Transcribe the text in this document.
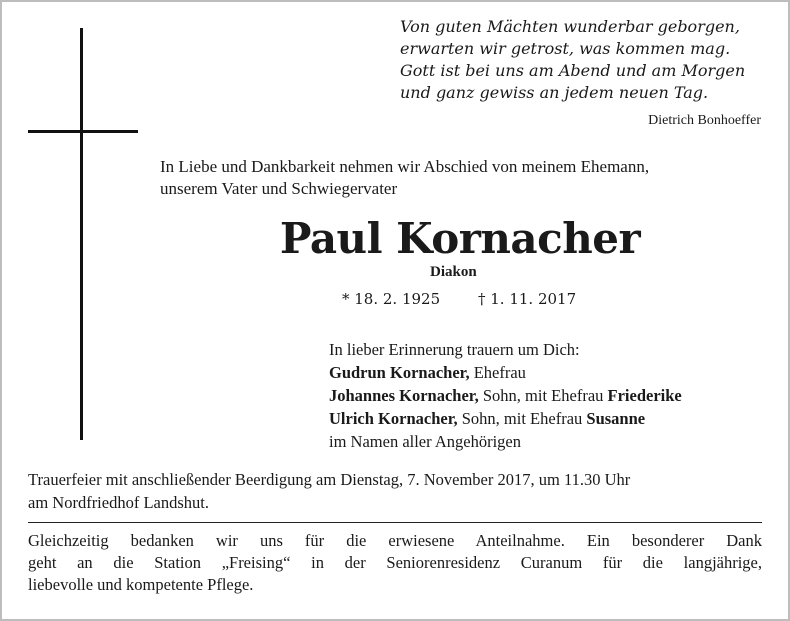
Von guten Mächten wunderbar geborgen,
erwarten wir getrost, was kommen mag.
Gott ist bei uns am Abend und am Morgen
und ganz gewiss an jedem neuen Tag.
Dietrich Bonhoeffer
In Liebe und Dankbarkeit nehmen wir Abschied von meinem Ehemann,
unserem Vater und Schwiegervater
Paul Kornacher
Diakon
* 18. 2. 1925	† 1. 11. 2017
In lieber Erinnerung trauern um Dich:
Gudrun Kornacher, Ehefrau
Johannes Kornacher, Sohn, mit Ehefrau Friederike
Ulrich Kornacher, Sohn, mit Ehefrau Susanne
im Namen aller Angehörigen
Trauerfeier mit anschließender Beerdigung am Dienstag, 7. November 2017, um 11.30 Uhr
am Nordfriedhof Landshut.
Gleichzeitig bedanken wir uns für die erwiesene Anteilnahme. Ein besonderer Dank
geht an die Station „Freising“ in der Seniorenresidenz Curanum für die langjährige,
liebevolle und kompetente Pflege.
